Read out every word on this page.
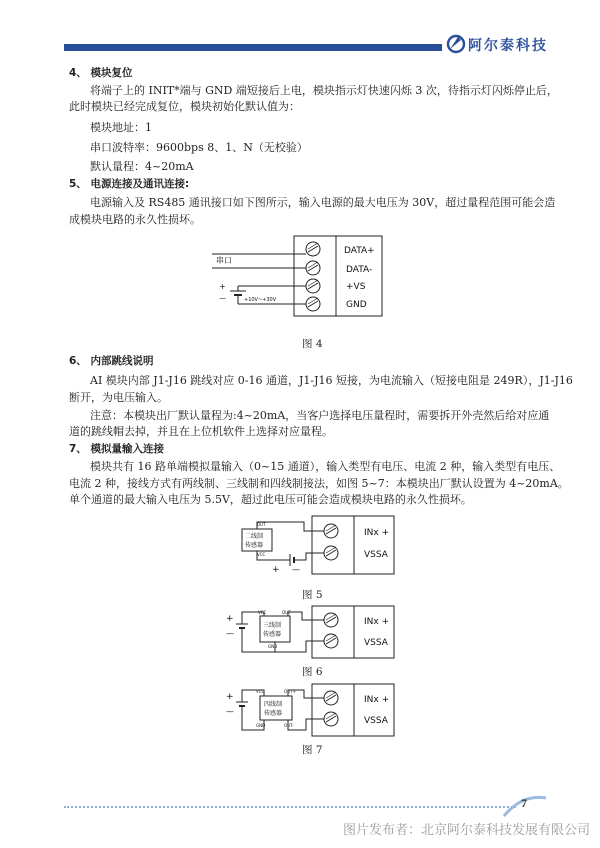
阿尔泰科技
4、 模块复位
将端子上的 INIT*端与 GND 端短接后上电，模块指示灯快速闪烁 3 次，待指示灯闪烁停止后，
此时模块已经完成复位，模块初始化默认值为：
模块地址：1
串口波特率：9600bps 8、1、N（无校验）
默认量程：4~20mA
5、 电源连接及通讯连接:
电源输入及 RS485 通讯接口如下图所示，输入电源的最大电压为 30V，超过量程范围可能会造
成模块电路的永久性损坏。
DATA+
DATA-
+VS
GND
串口
+
—	+10V~+30V
图 4
6、 内部跳线说明
AI 模块内部 J1-J16 跳线对应 0-16 通道，J1-J16 短接，为电流输入（短接电阻是 249R），J1-J16
断开，为电压输入。
注意：本模块出厂默认量程为:4~20mA，当客户选择电压量程时，需要拆开外壳然后给对应通
道的跳线帽去掉，并且在上位机软件上选择对应量程。
7、 模拟量输入连接
模块共有 16 路单端模拟量输入（0~15 通道），输入类型有电压、电流 2 种，输入类型有电压、
电流 2 种，接线方式有两线制、三线制和四线制接法，如图 5~7：本模块出厂默认设置为 4~20mA。
单个通道的最大输入电压为 5.5V，超过此电压可能会造成模块电路的永久性损坏。
INx +
VSSA
二线制
传感器
OUT
VCC
+ —
图 5
INx +
VSSA
三线制
传感器
VCC	OUT
GND
+
—
图 6
INx +
VSSA
四线制
传感器
VCC	OUT+
GND	OUT-
+
—
图 7
7
图片发布者：北京阿尔泰科技发展有限公司
